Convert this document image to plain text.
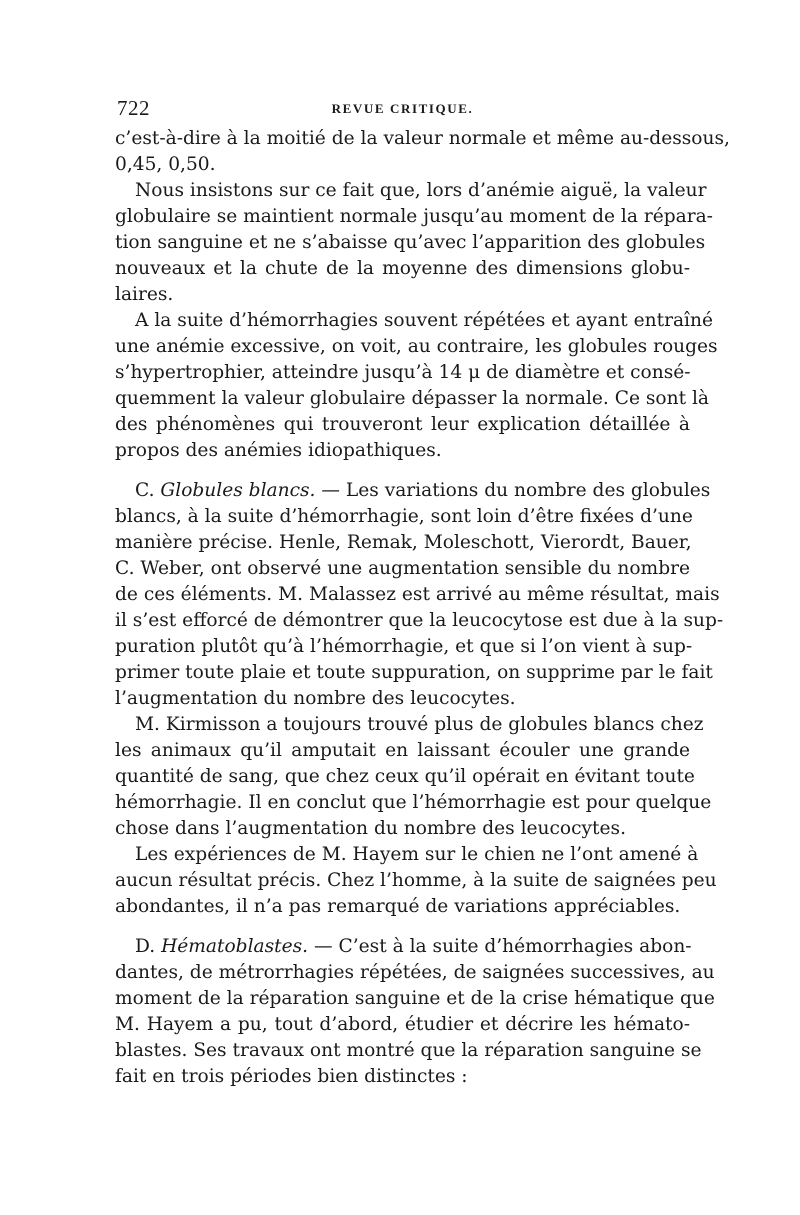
722	REVUE CRITIQUE.
c’est-à-dire à la moitié de la valeur normale et même au-dessous,
0,45, 0,50.
Nous insistons sur ce fait que, lors d’anémie aiguë, la valeur
globulaire se maintient normale jusqu’au moment de la répara-
tion sanguine et ne s’abaisse qu’avec l’apparition des globules
nouveaux et la chute de la moyenne des dimensions globu-
laires.
A la suite d’hémorrhagies souvent répétées et ayant entraîné
une anémie excessive, on voit, au contraire, les globules rouges
s’hypertrophier, atteindre jusqu’à 14 μ de diamètre et consé-
quemment la valeur globulaire dépasser la normale. Ce sont là
des phénomènes qui trouveront leur explication détaillée à
propos des anémies idiopathiques.
C. Globules blancs. — Les variations du nombre des globules
blancs, à la suite d’hémorrhagie, sont loin d’être fixées d’une
manière précise. Henle, Remak, Moleschott, Vierordt, Bauer,
C. Weber, ont observé une augmentation sensible du nombre
de ces éléments. M. Malassez est arrivé au même résultat, mais
il s’est efforcé de démontrer que la leucocytose est due à la sup-
puration plutôt qu’à l’hémorrhagie, et que si l’on vient à sup-
primer toute plaie et toute suppuration, on supprime par le fait
l’augmentation du nombre des leucocytes.
M. Kirmisson a toujours trouvé plus de globules blancs chez
les animaux qu’il amputait en laissant écouler une grande
quantité de sang, que chez ceux qu’il opérait en évitant toute
hémorrhagie. Il en conclut que l’hémorrhagie est pour quelque
chose dans l’augmentation du nombre des leucocytes.
Les expériences de M. Hayem sur le chien ne l’ont amené à
aucun résultat précis. Chez l’homme, à la suite de saignées peu
abondantes, il n’a pas remarqué de variations appréciables.
D. Hématoblastes. — C’est à la suite d’hémorrhagies abon-
dantes, de métrorrhagies répétées, de saignées successives, au
moment de la réparation sanguine et de la crise hématique que
M. Hayem a pu, tout d’abord, étudier et décrire les hémato-
blastes. Ses travaux ont montré que la réparation sanguine se
fait en trois périodes bien distinctes :
